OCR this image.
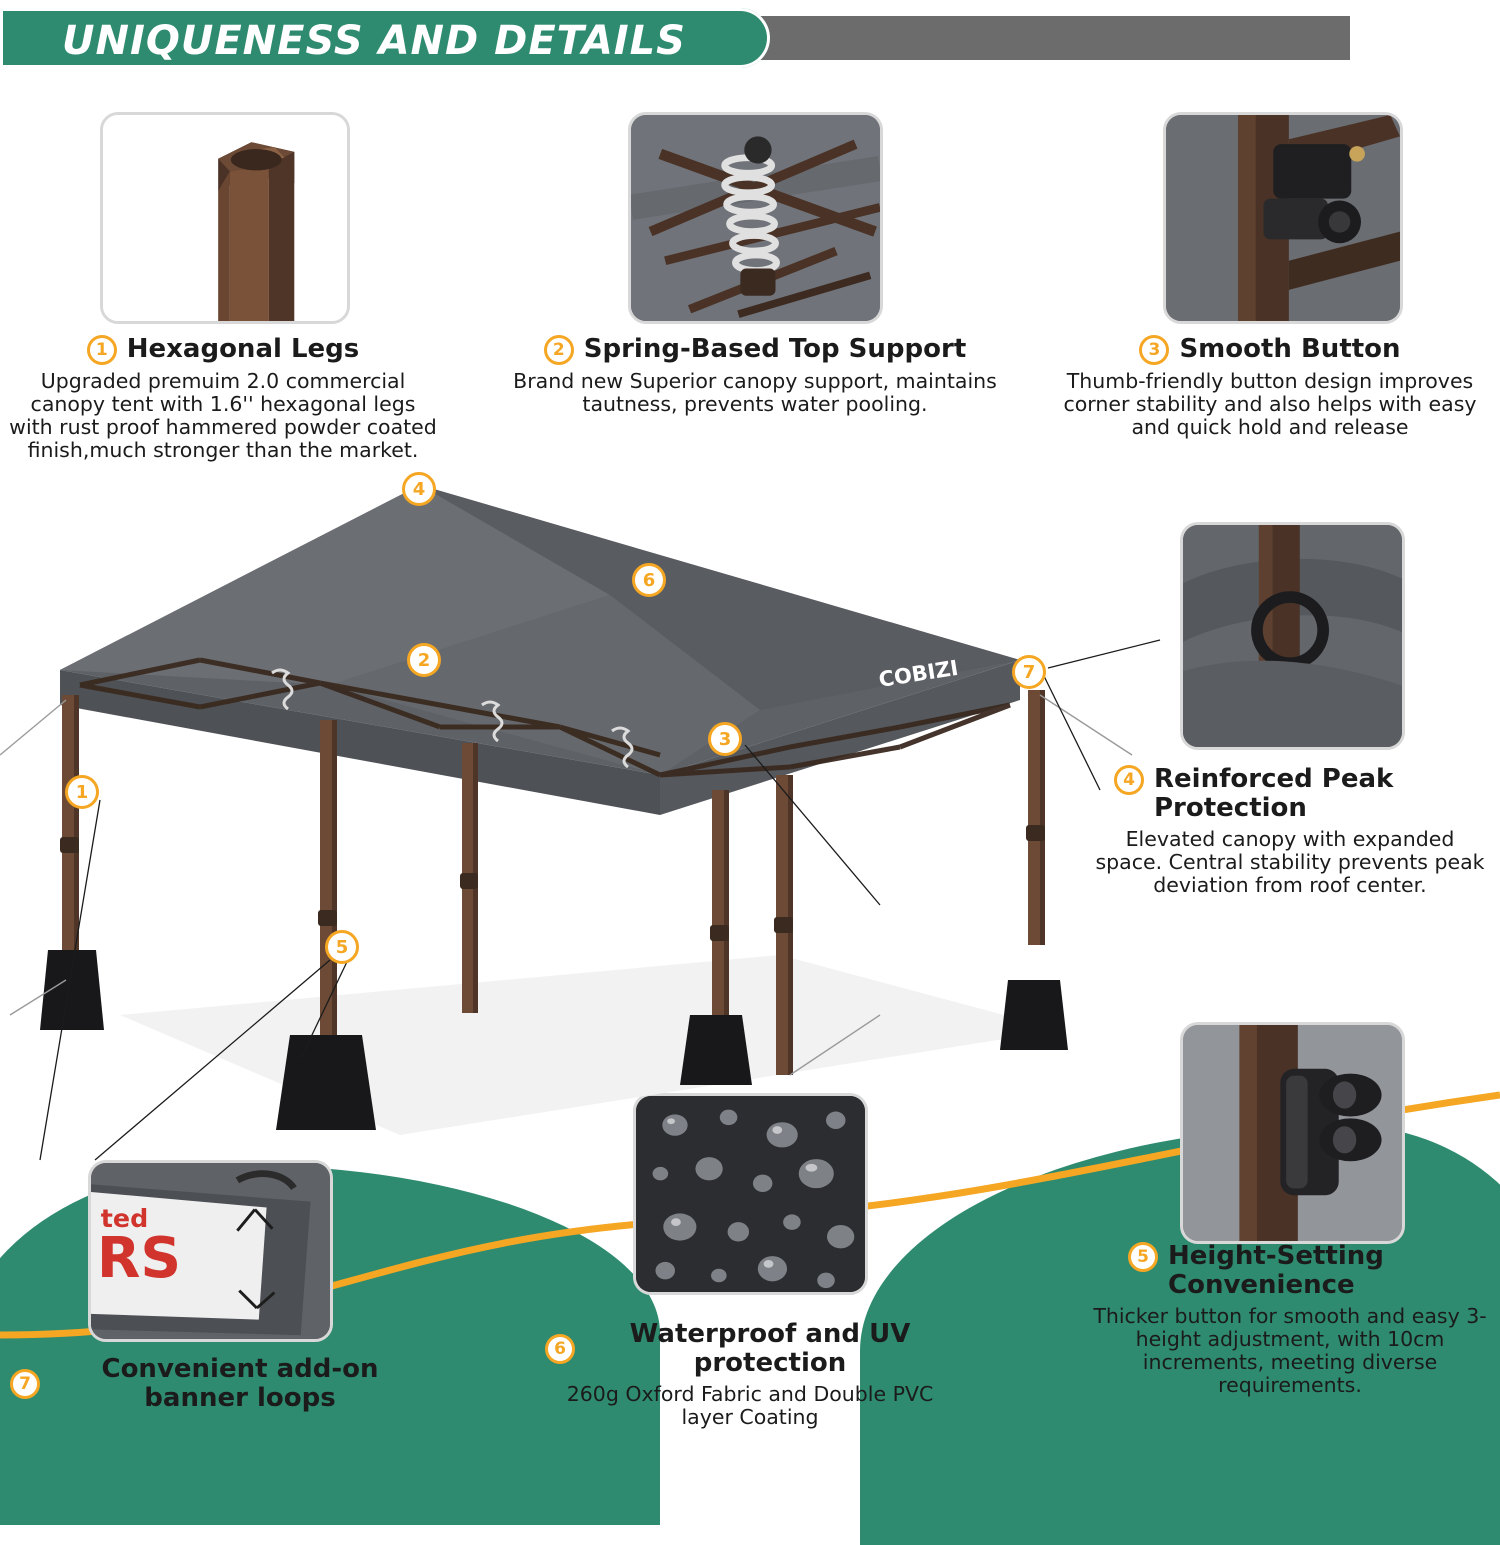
UNIQUENESS AND DETAILS
1 Hexagonal Legs
Upgraded premuim 2.0 commercial canopy tent with 1.6'' hexagonal legs with rust proof hammered powder coated finish,much stronger than the market.
2 Spring-Based Top Support
Brand new Superior canopy support, maintains tautness, prevents water pooling.
3 Smooth Button
Thumb-friendly button design improves corner stability and also helps with easy and quick hold and release
4 Reinforced Peak Protection
Elevated canopy with expanded space. Central stability prevents peak deviation from roof center.
5 Height-Setting Convenience
Thicker button for smooth and easy 3-height adjustment, with 10cm increments, meeting diverse requirements.
6
Waterproof and UV protection
260g Oxford Fabric and Double PVC layer Coating
ted
RS
7
Convenient add-on banner loops
COBIZI
4
6
2
7
3
1
5
